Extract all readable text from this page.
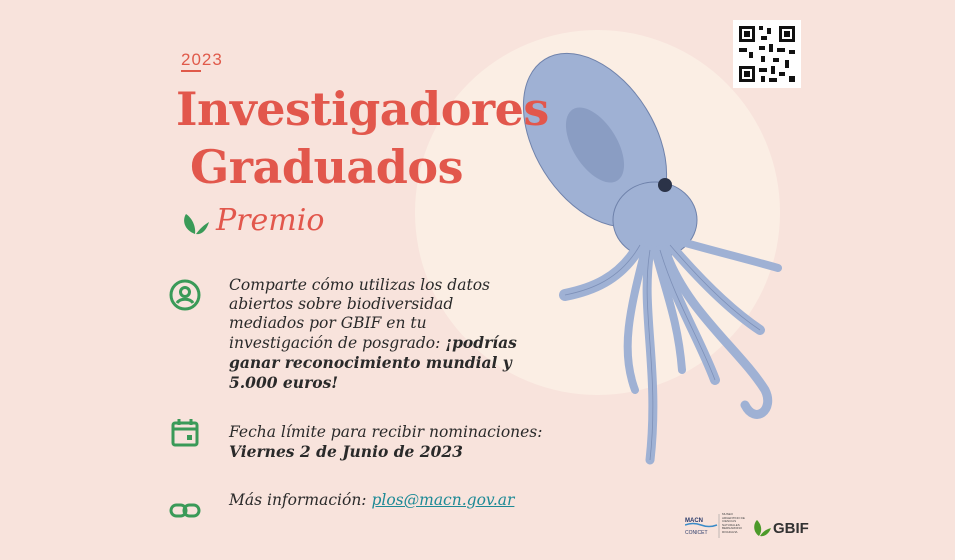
2023
Investigadores
Graduados
Premio
Comparte cómo utilizas los datos abiertos sobre biodiversidad mediados por GBIF en tu investigación de posgrado: ¡podrías ganar reconocimiento mundial y 5.000 euros!
Fecha límite para recibir nominaciones:
Viernes 2 de Junio de 2023
Más información: plos@macn.gov.ar
MACN
CONICET
MUSEO ARGENTINO DE CIENCIAS NATURALES BERNARDINO RIVADAVIA	GBIF
